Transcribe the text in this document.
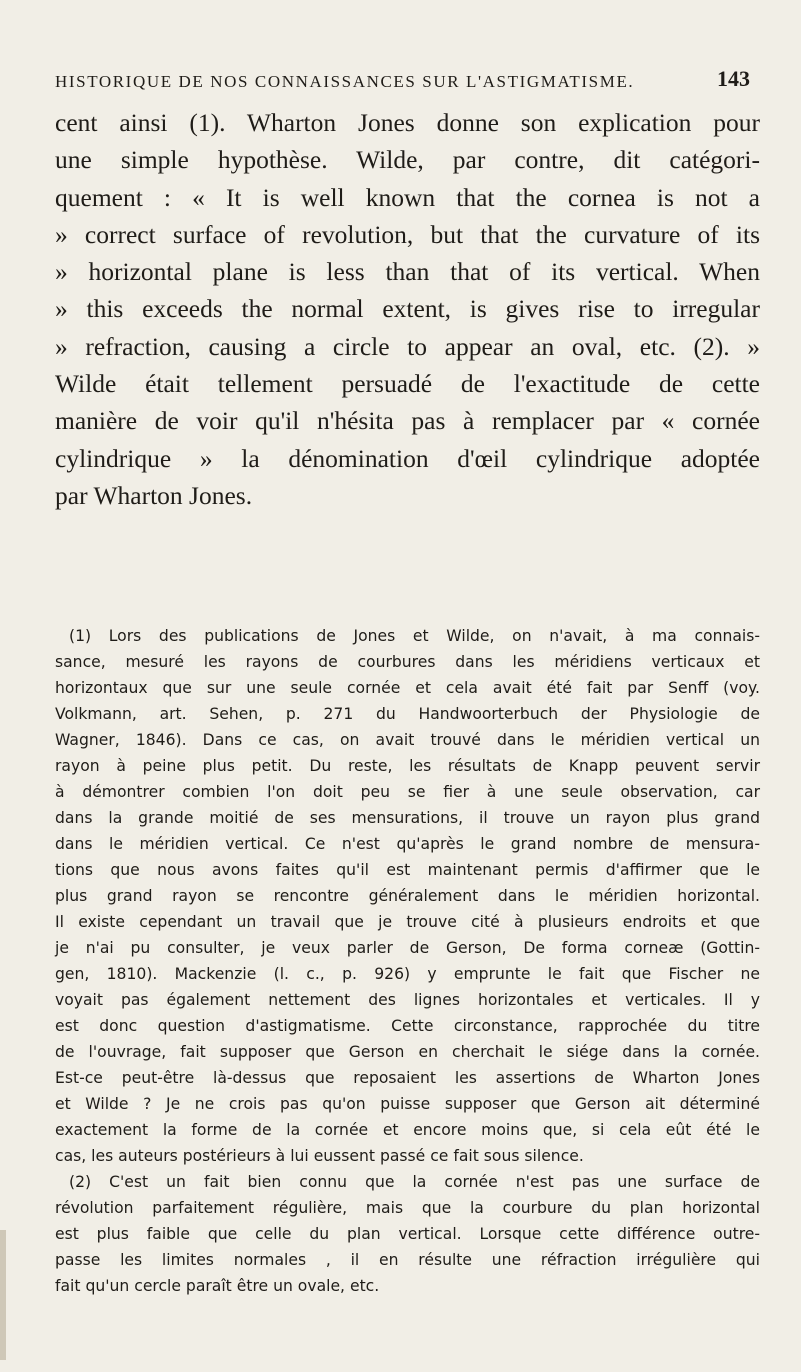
HISTORIQUE DE NOS CONNAISSANCES SUR L'ASTIGMATISME.	143
cent ainsi (1). Wharton Jones donne son explication pour
une simple hypothèse. Wilde, par contre, dit catégori-
quement : « It is well known that the cornea is not a
» correct surface of revolution, but that the curvature of its
» horizontal plane is less than that of its vertical. When
» this exceeds the normal extent, is gives rise to irregular
» refraction, causing a circle to appear an oval, etc. (2). »
Wilde était tellement persuadé de l'exactitude de cette
manière de voir qu'il n'hésita pas à remplacer par « cornée
cylindrique » la dénomination d'œil cylindrique adoptée
par Wharton Jones.
(1) Lors des publications de Jones et Wilde, on n'avait, à ma connais-
sance, mesuré les rayons de courbures dans les méridiens verticaux et
horizontaux que sur une seule cornée et cela avait été fait par Senff (voy.
Volkmann, art. Sehen, p. 271 du Handwoorterbuch der Physiologie de
Wagner, 1846). Dans ce cas, on avait trouvé dans le méridien vertical un
rayon à peine plus petit. Du reste, les résultats de Knapp peuvent servir
à démontrer combien l'on doit peu se fier à une seule observation, car
dans la grande moitié de ses mensurations, il trouve un rayon plus grand
dans le méridien vertical. Ce n'est qu'après le grand nombre de mensura-
tions que nous avons faites qu'il est maintenant permis d'affirmer que le
plus grand rayon se rencontre généralement dans le méridien horizontal.
Il existe cependant un travail que je trouve cité à plusieurs endroits et que
je n'ai pu consulter, je veux parler de Gerson, De forma corneæ (Gottin-
gen, 1810). Mackenzie (l. c., p. 926) y emprunte le fait que Fischer ne
voyait pas également nettement des lignes horizontales et verticales. Il y
est donc question d'astigmatisme. Cette circonstance, rapprochée du titre
de l'ouvrage, fait supposer que Gerson en cherchait le siége dans la cornée.
Est-ce peut-être là-dessus que reposaient les assertions de Wharton Jones
et Wilde ? Je ne crois pas qu'on puisse supposer que Gerson ait déterminé
exactement la forme de la cornée et encore moins que, si cela eût été le
cas, les auteurs postérieurs à lui eussent passé ce fait sous silence.
(2) C'est un fait bien connu que la cornée n'est pas une surface de
révolution parfaitement régulière, mais que la courbure du plan horizontal
est plus faible que celle du plan vertical. Lorsque cette différence outre-
passe les limites normales , il en résulte une réfraction irrégulière qui
fait qu'un cercle paraît être un ovale, etc.
